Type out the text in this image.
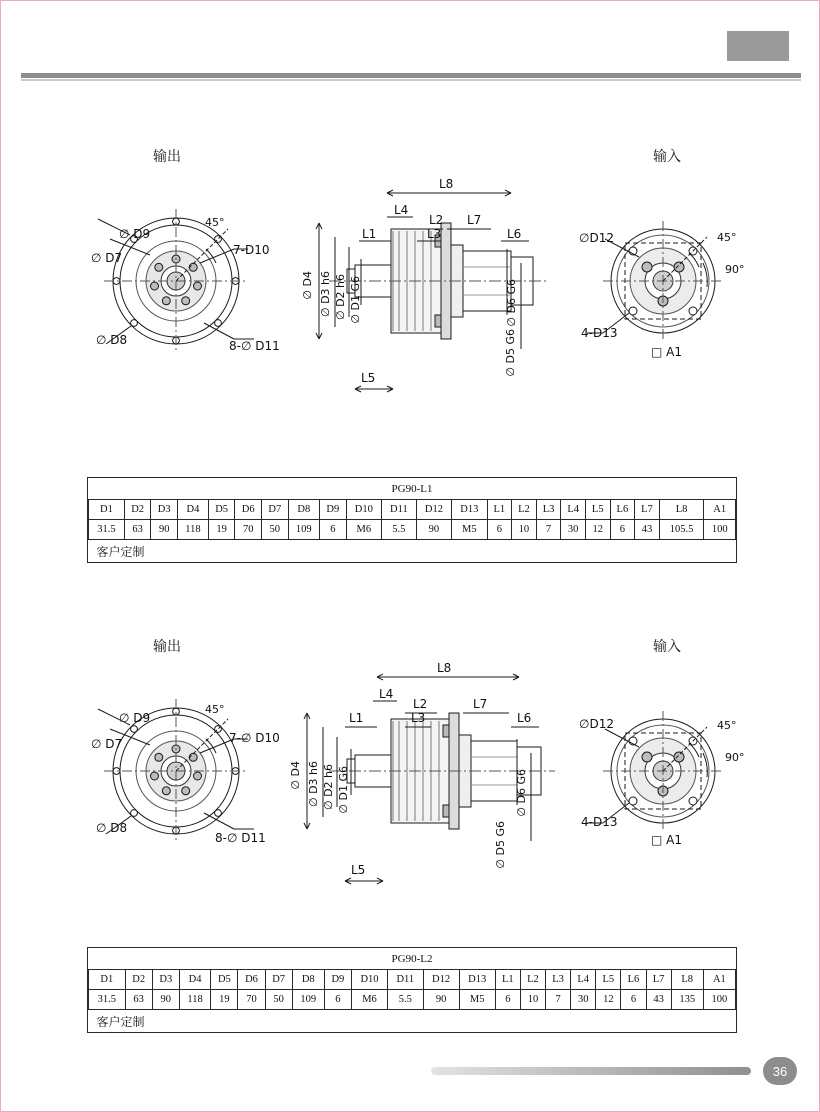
输出	输入
∅ D9
∅ D7
∅ D8
45°
7-D10
8-∅ D11
L8
L4
L2 L7
L1	L3	L6
L5
∅ D4 ∅ D3 h6 ∅ D2 h6 ∅ D1 G6	∅ D6 G6
∅ D5 G6
∅D12	45°
90°
4-D13
□ A1
PG90-L1																					
D1	D2	D3	D4	D5	D6	D7	D8	D9	D10	D11	D12	D13	L1	L2	L3	L4	L5	L6	L7	L8	A1
31.5	63	90	118	19	70	50	109	6	M6	5.5	90	M5	6	10	7	30	12	6	43	105.5	100
客户定制																					
输出	输入
∅ D9
∅ D7
∅ D8
45°
7-∅ D10
8-∅ D11
L8
L4
L2	L7
L1	L3	L6
L5
∅ D4 ∅ D3 h6 ∅ D2 h6 ∅ D1 G6	∅ D6 G6
∅ D5 G6
∅D12	45°
90°
4-D13
□ A1
PG90-L2																					
D1	D2	D3	D4	D5	D6	D7	D8	D9	D10	D11	D12	D13	L1	L2	L3	L4	L5	L6	L7	L8	A1
31.5	63	90	118	19	70	50	109	6	M6	5.5	90	M5	6	10	7	30	12	6	43	135	100
客户定制																					
36
